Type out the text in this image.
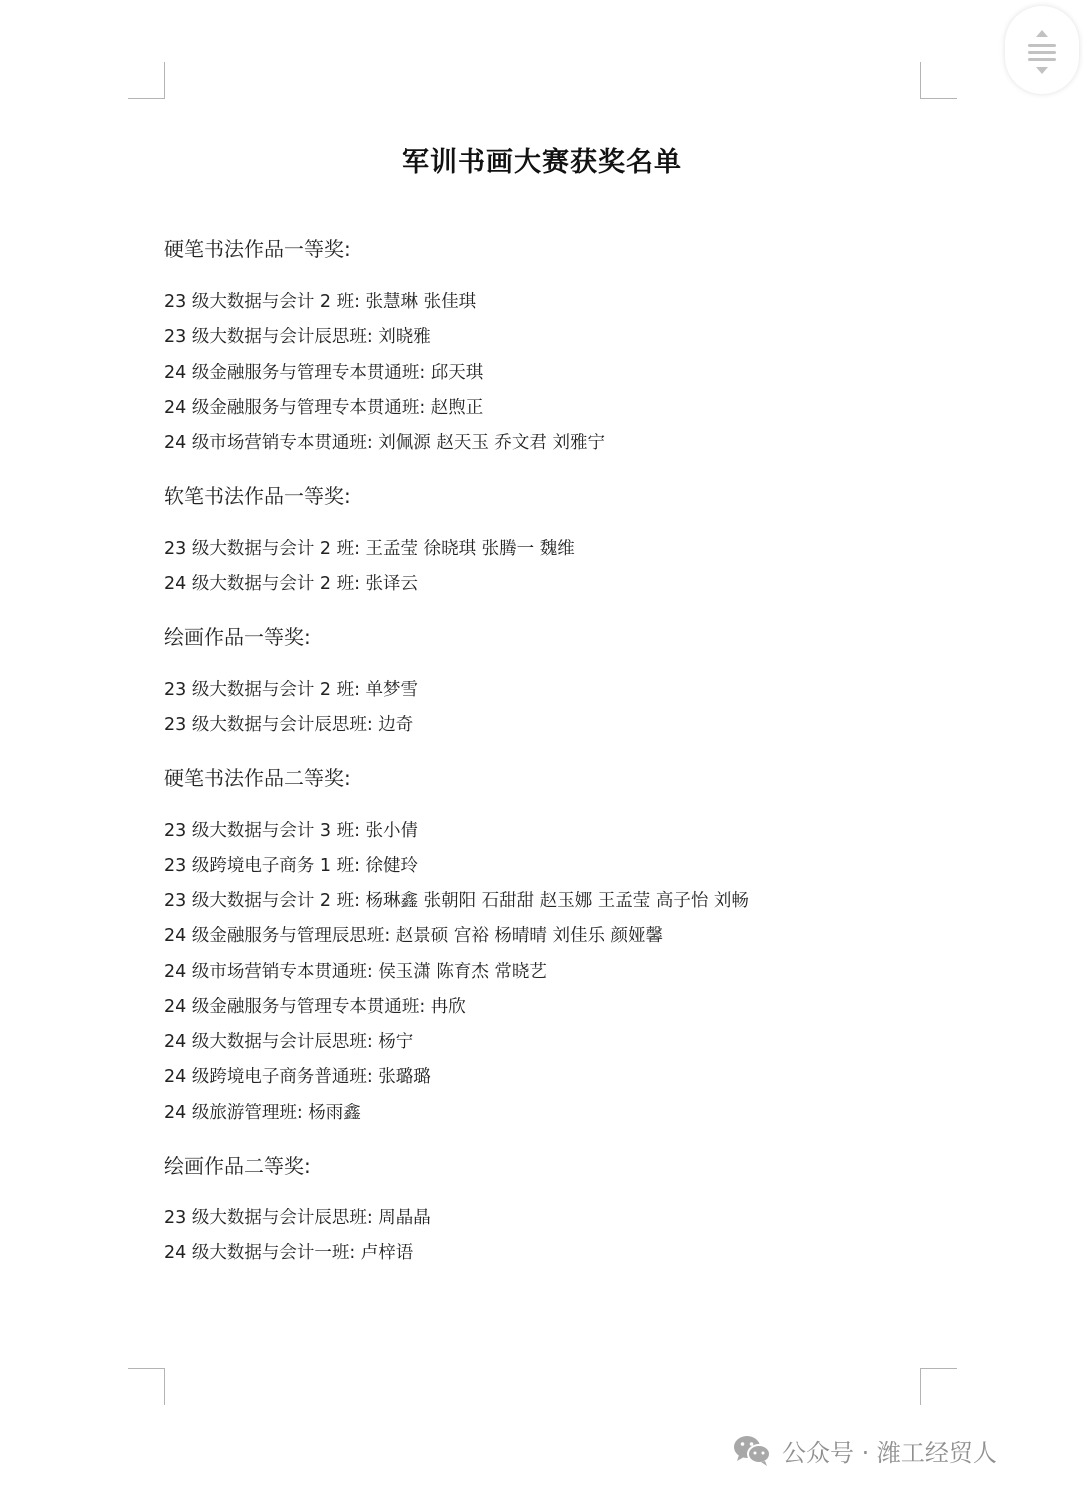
军训书画大赛获奖名单
硬笔书法作品一等奖:
23 级大数据与会计 2 班: 张慧琳 张佳琪
23 级大数据与会计辰思班: 刘晓雅
24 级金融服务与管理专本贯通班: 邱天琪
24 级金融服务与管理专本贯通班: 赵煦正
24 级市场营销专本贯通班: 刘佩源 赵天玉 乔文君 刘雅宁
软笔书法作品一等奖:
23 级大数据与会计 2 班: 王孟莹 徐晓琪 张腾一 魏维
24 级大数据与会计 2 班: 张译云
绘画作品一等奖:
23 级大数据与会计 2 班: 单梦雪
23 级大数据与会计辰思班: 边奇
硬笔书法作品二等奖:
23 级大数据与会计 3 班: 张小倩
23 级跨境电子商务 1 班: 徐健玲
23 级大数据与会计 2 班: 杨琳鑫 张朝阳 石甜甜 赵玉娜 王孟莹 高子怡 刘畅
24 级金融服务与管理辰思班: 赵景硕 宫裕 杨晴晴 刘佳乐 颜娅馨
24 级市场营销专本贯通班: 侯玉潇 陈育杰 常晓艺
24 级金融服务与管理专本贯通班: 冉欣
24 级大数据与会计辰思班: 杨宁
24 级跨境电子商务普通班: 张璐璐
24 级旅游管理班: 杨雨鑫
绘画作品二等奖:
23 级大数据与会计辰思班: 周晶晶
24 级大数据与会计一班: 卢梓语
公众号 · 潍工经贸人
